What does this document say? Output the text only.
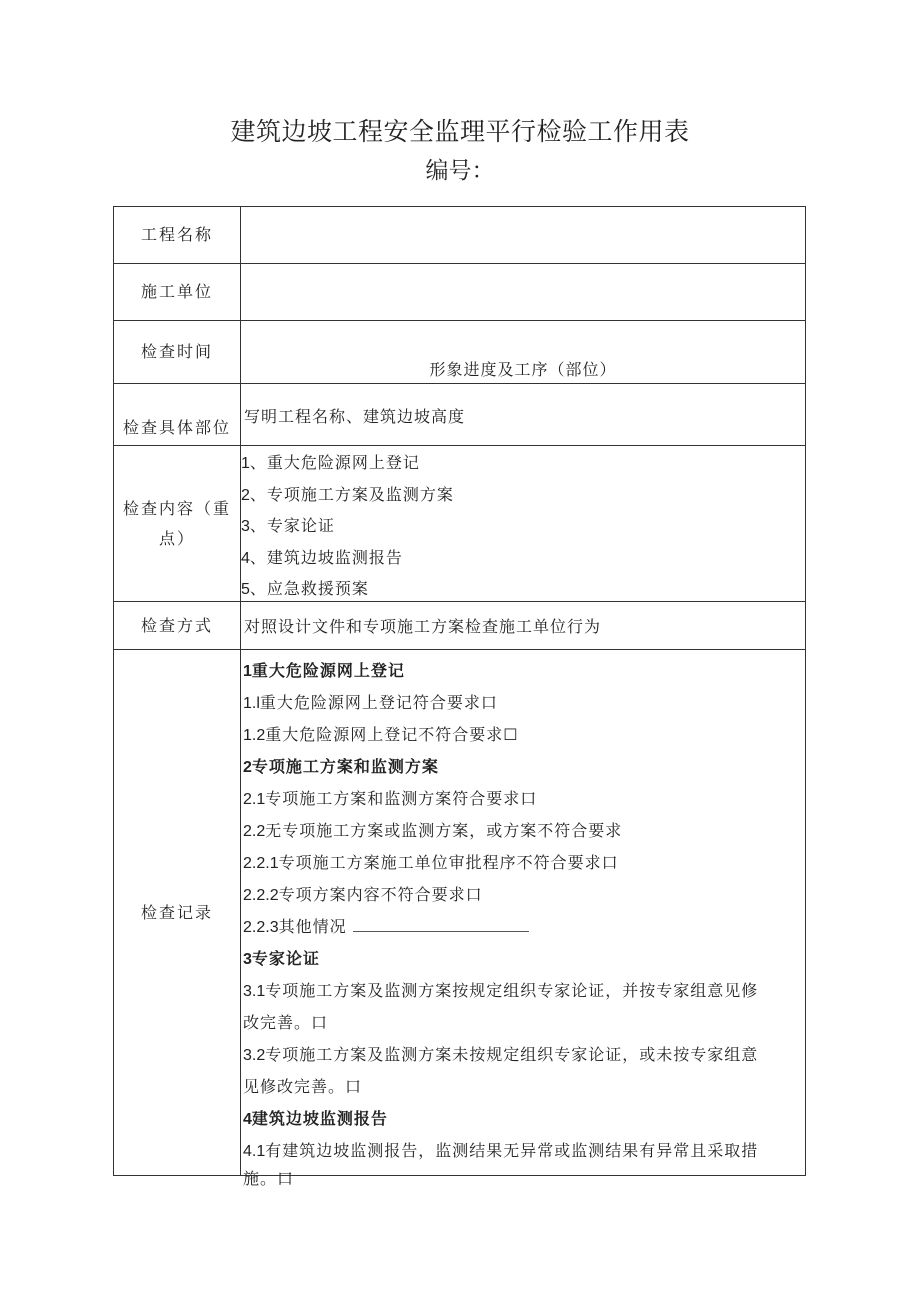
建筑边坡工程安全监理平行检验工作用表
编号：
工程名称
施工单位
检查时间
形象进度及工序（部位）
检查具体部位
写明工程名称、建筑边坡高度
检查内容（重点）
1、重大危险源网上登记
2、专项施工方案及监测方案
3、专家论证
4、建筑边坡监测报告
5、应急救援预案
检查方式	对照设计文件和专项施工方案检查施工单位行为
检查记录
1重大危险源网上登记
1.l重大危险源网上登记符合要求口
1.2重大危险源网上登记不符合要求☐
2专项施工方案和监测方案
2.1专项施工方案和监测方案符合要求口
2.2无专项施工方案或监测方案，或方案不符合要求
2.2.1专项施工方案施工单位审批程序不符合要求口
2.2.2专项方案内容不符合要求口
2.2.3其他情况
3专家论证
3.1专项施工方案及监测方案按规定组织专家论证，并按专家组意见修
改完善。口
3.2专项施工方案及监测方案未按规定组织专家论证，或未按专家组意
见修改完善。口
4建筑边坡监测报告
4.1有建筑边坡监测报告，监测结果无异常或监测结果有异常且采取措
施。口
